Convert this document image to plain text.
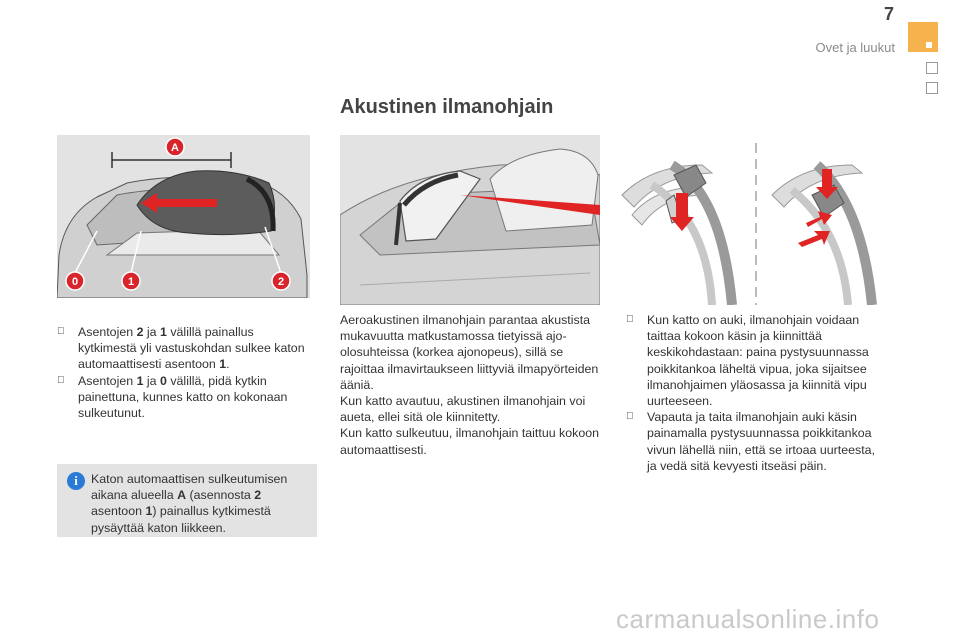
7
Ovet ja luukut
Akustinen ilmanohjain
A
0	1	2

Asentojen 2 ja 1 välillä painallus kytkimestä yli vastuskohdan sulkee katon automaattisesti asentoon 1.

Asentojen 1 ja 0 välillä, pidä kytkin painettuna, kunnes katto on kokonaan sulkeutunut.

i	Katon automaattisen sulkeutumisen aikana alueella A (asennosta 2 asentoon 1) painallus kytkimestä pysäyttää katon liikkeen.

Aeroakustinen ilmanohjain parantaa akustista mukavuutta matkustamossa tietyissä ajo-olosuhteissa (korkea ajonopeus), sillä se rajoittaa ilmavirtaukseen liittyviä ilmapyörteiden ääniä.

Kun katto avautuu, akustinen ilmanohjain voi aueta, ellei sitä ole kiinnitetty.

Kun katto sulkeutuu, ilmanohjain taittuu kokoon automaattisesti.

Kun katto on auki, ilmanohjain voidaan taittaa kokoon käsin ja kiinnittää keskikohdastaan: paina pystysuunnassa poikkitankoa läheltä vipua, joka sijaitsee ilmanohjaimen yläosassa ja kiinnitä vipu uurteeseen.

Vapauta ja taita ilmanohjain auki käsin painamalla pystysuunnassa poikkitankoa vivun lähellä niin, että se irtoaa uurteesta, ja vedä sitä kevyesti itseäsi päin.

carmanualsonline.info
